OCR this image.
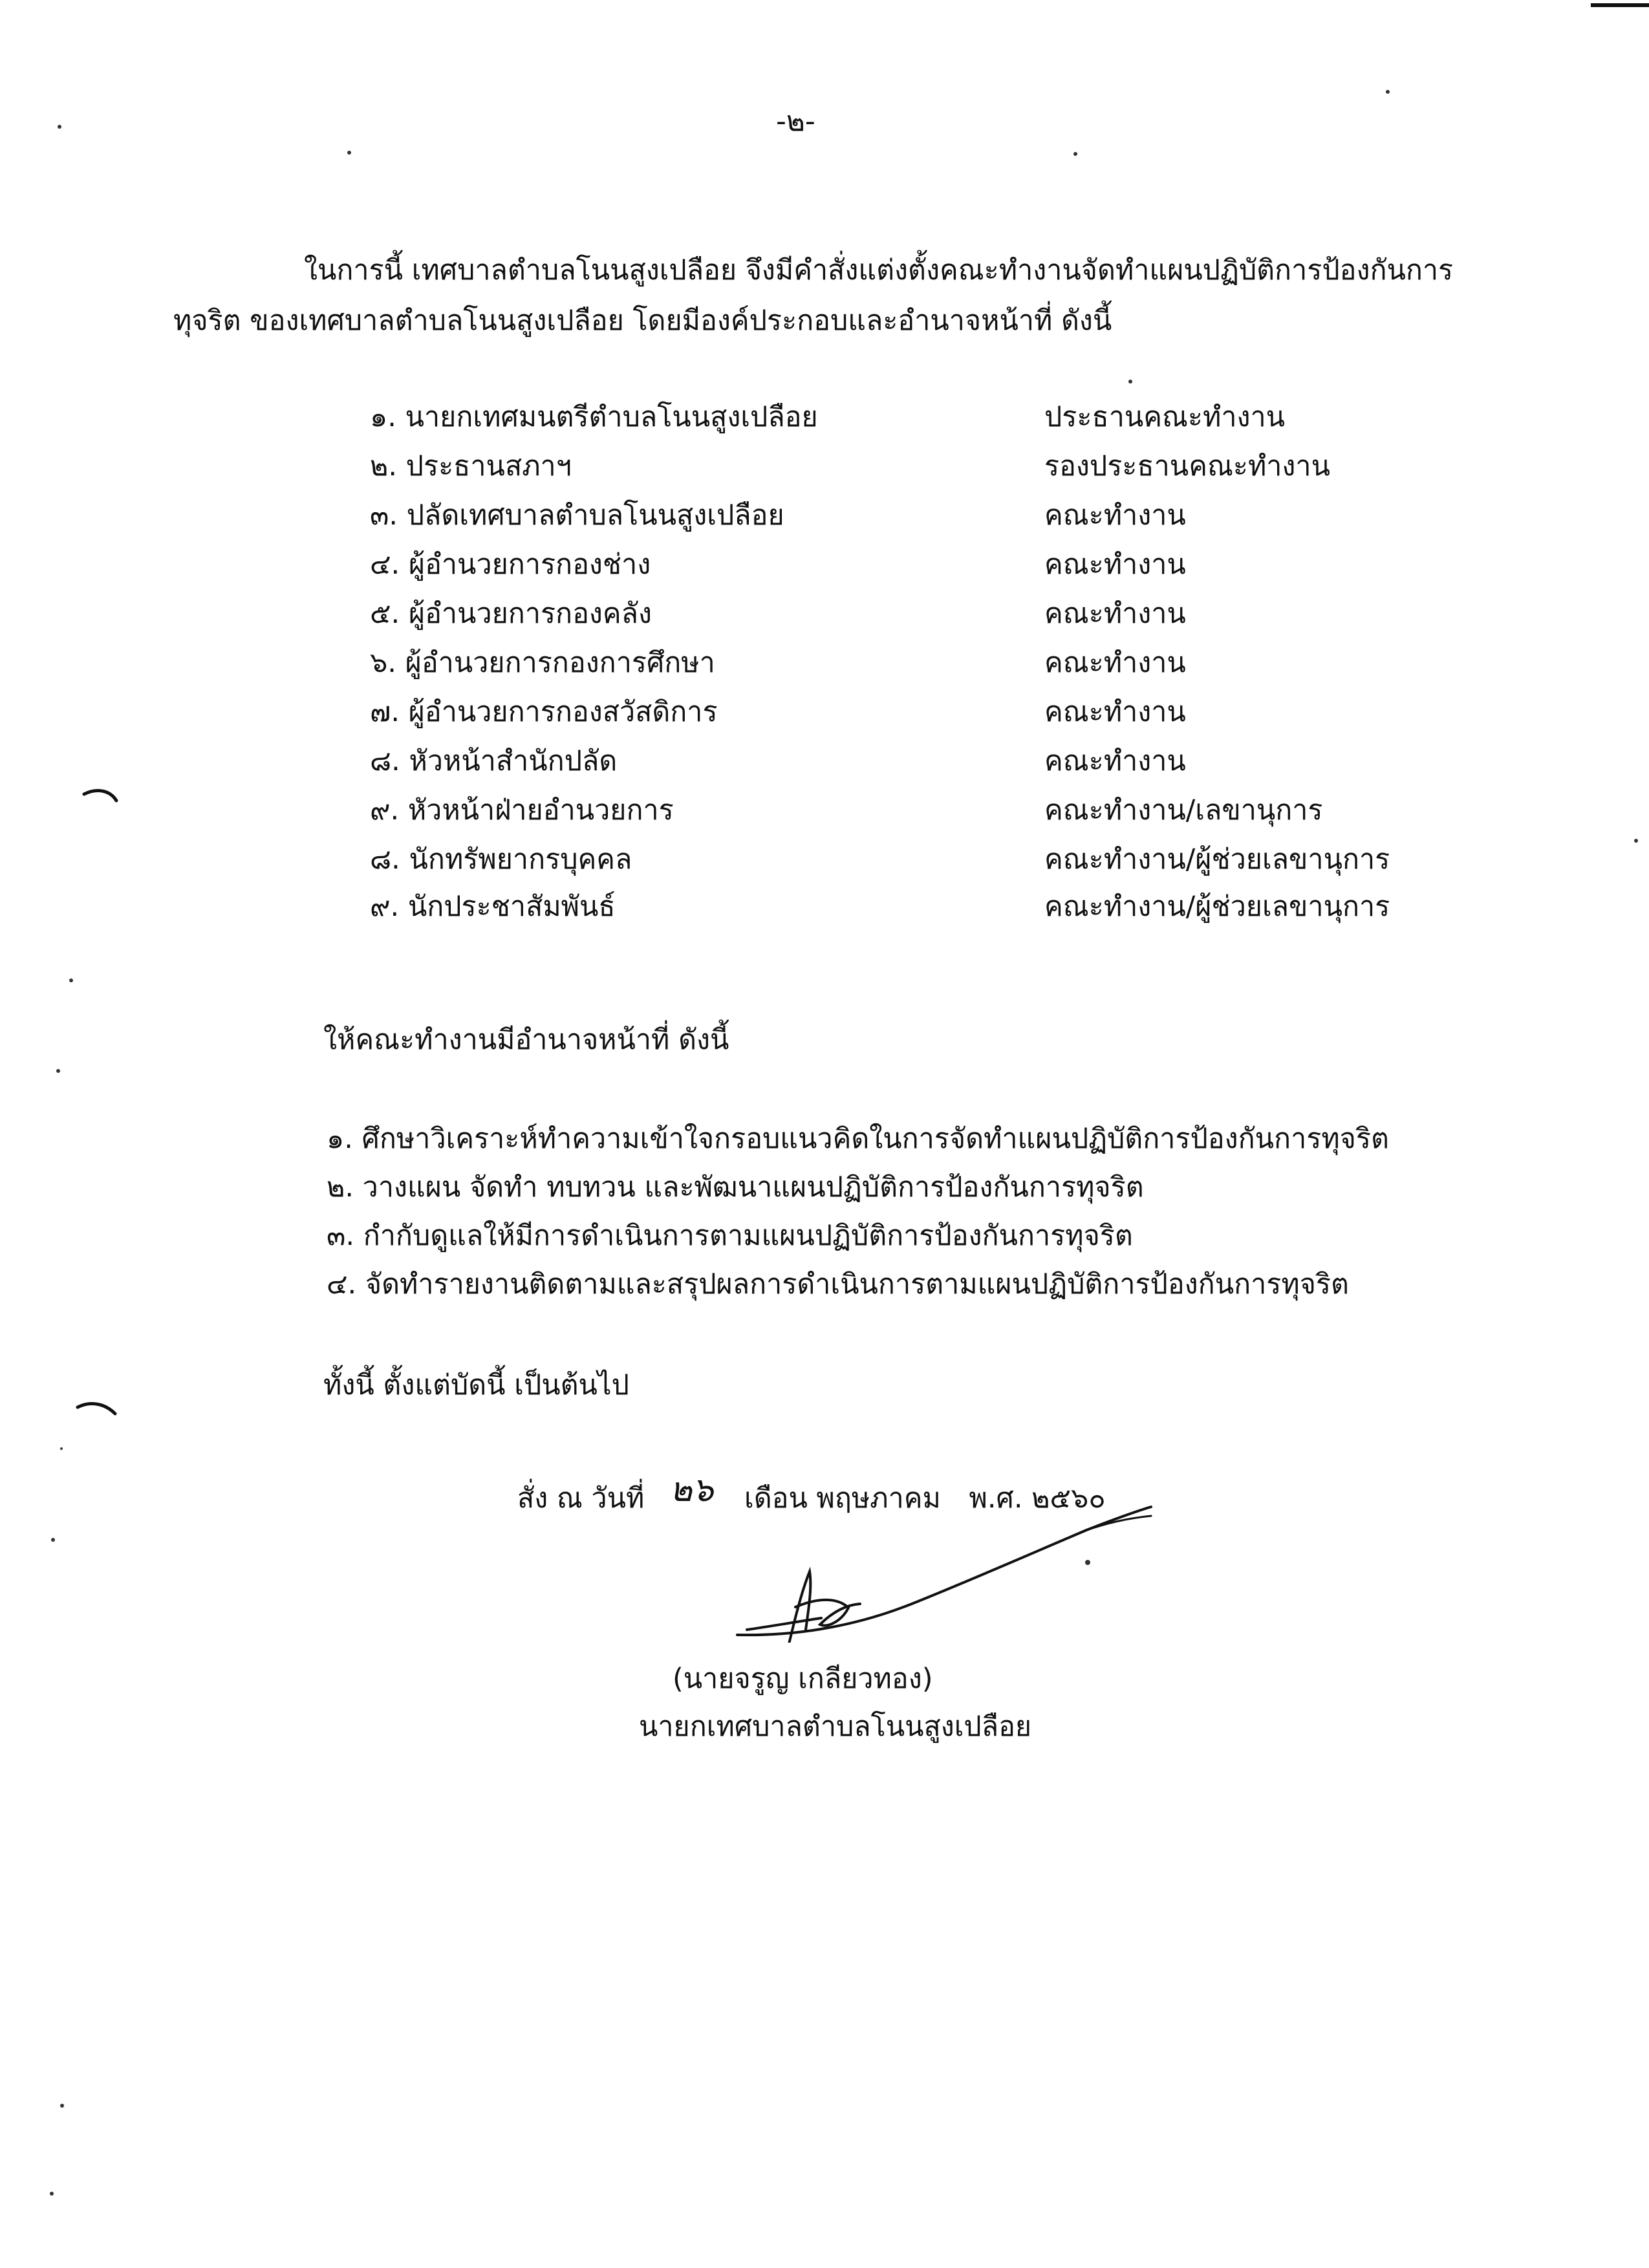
-๒-
ในการนี้ เทศบาลตำบลโนนสูงเปลือย จึงมีคำสั่งแต่งตั้งคณะทำงานจัดทำแผนปฏิบัติการป้องกันการ
ทุจริต ของเทศบาลตำบลโนนสูงเปลือย โดยมีองค์ประกอบและอำนาจหน้าที่ ดังนี้
๑. นายกเทศมนตรีตำบลโนนสูงเปลือย	ประธานคณะทำงาน
๒. ประธานสภาฯ	รองประธานคณะทำงาน
๓. ปลัดเทศบาลตำบลโนนสูงเปลือย	คณะทำงาน
๔. ผู้อำนวยการกองช่าง	คณะทำงาน
๕. ผู้อำนวยการกองคลัง	คณะทำงาน
๖. ผู้อำนวยการกองการศึกษา	คณะทำงาน
๗. ผู้อำนวยการกองสวัสดิการ	คณะทำงาน
๘. หัวหน้าสำนักปลัด	คณะทำงาน
๙. หัวหน้าฝ่ายอำนวยการ	คณะทำงาน/เลขานุการ
๘. นักทรัพยากรบุคคล	คณะทำงาน/ผู้ช่วยเลขานุการ
๙. นักประชาสัมพันธ์	คณะทำงาน/ผู้ช่วยเลขานุการ
ให้คณะทำงานมีอำนาจหน้าที่ ดังนี้
๑. ศึกษาวิเคราะห์ทำความเข้าใจกรอบแนวคิดในการจัดทำแผนปฏิบัติการป้องกันการทุจริต
๒. วางแผน จัดทำ ทบทวน และพัฒนาแผนปฏิบัติการป้องกันการทุจริต
๓. กำกับดูแลให้มีการดำเนินการตามแผนปฏิบัติการป้องกันการทุจริต
๔. จัดทำรายงานติดตามและสรุปผลการดำเนินการตามแผนปฏิบัติการป้องกันการทุจริต
ทั้งนี้ ตั้งแต่บัดนี้ เป็นต้นไป
สั่ง ณ วันที่ ๒๖ เดือน พฤษภาคม พ.ศ. ๒๕๖๐
(นายจรูญ เกลียวทอง)
นายกเทศบาลตำบลโนนสูงเปลือย
